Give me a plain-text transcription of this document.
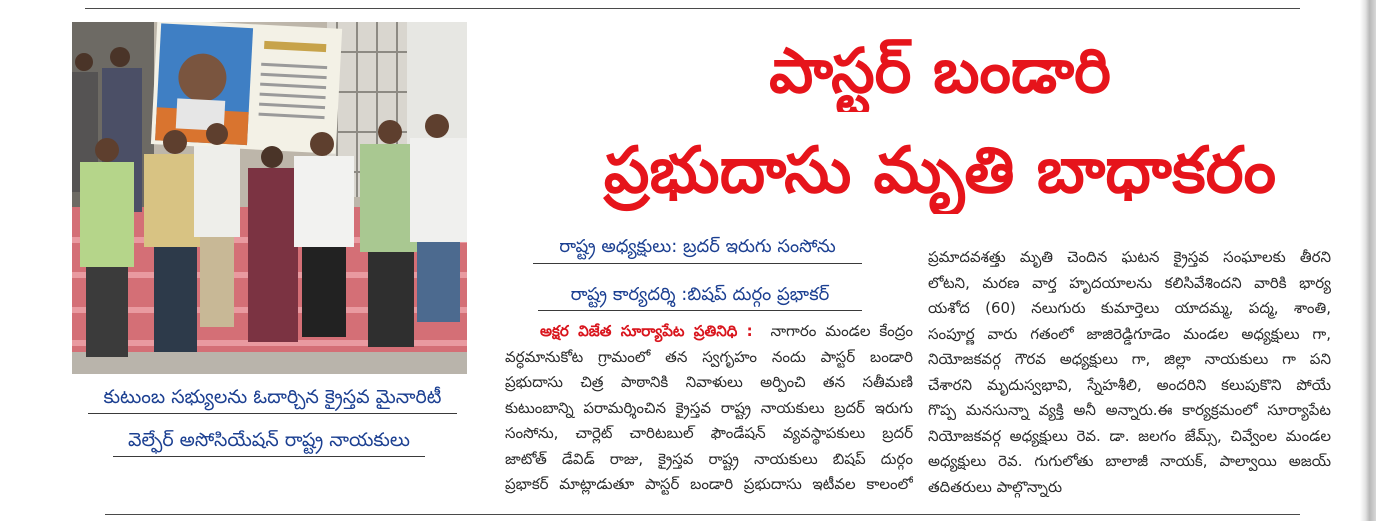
కుటుంబ సభ్యులను ఓదార్చిన క్రైస్తవ మైనారిటీ
వెల్ఫేర్ అసోసియేషన్ రాష్ట్ర నాయకులు
పాస్టర్ బండారి
ప్రభుదాసు మృతి బాధాకరం
రాష్ట్ర అధ్యక్షులు: బ్రదర్ ఇరుగు సంసోను
రాష్ట్ర కార్యదర్శి :బిషప్ దుర్గం ప్రభాకర్
అక్షర విజేత సూర్యాపేట ప్రతినిధి : నాగారం మండల కేంద్రం
వర్ధమానుకోట గ్రామంలో తన స్వగృహం నందు పాస్టర్ బండారి
ప్రభుదాసు చిత్ర పాఠానికి నివాళులు అర్పించి తన సతీమణి
కుటుంబాన్ని పరామర్శించిన క్రైస్తవ రాష్ట్ర నాయకులు బ్రదర్ ఇరుగు
సంసోను, చార్లెట్ చారిటబుల్ ఫౌండేషన్ వ్యవస్థాపకులు బ్రదర్
జాటోత్ డేవిడ్ రాజు, క్రైస్తవ రాష్ట్ర నాయకులు బిషప్ దుర్గం
ప్రభాకర్ మాట్లాడుతూ పాస్టర్ బండారి ప్రభుదాసు ఇటీవల కాలంలో
ప్రమాదవశత్తు మృతి చెందిన ఘటన క్రైస్తవ సంఘాలకు తీరని
లోటని, మరణ వార్త హృదయాలను కలిసివేశిందని వారికి భార్య
యశోద (60) నలుగురు కుమార్తెలు యాదమ్మ, పద్మ, శాంతి,
సంపూర్ణ వారు గతంలో జాజిరెడ్డిగూడెం మండల అధ్యక్షులు గా,
నియోజకవర్గ గౌరవ అధ్యక్షులు గా, జిల్లా నాయకులు గా పని
చేశారని మృదుస్వభావి, స్నేహశీలి, అందరిని కలుపుకొని పోయే
గొప్ప మనసున్నా వ్యక్తి అనీ అన్నారు.ఈ కార్యక్రమంలో సూర్యాపేట
నియోజకవర్గ అధ్యక్షులు రెవ. డా. జలగం జేమ్స్, చివ్వేంల మండల
అధ్యక్షులు రెవ. గుగులోతు బాలాజీ నాయక్, పాల్వాయి అజయ్
తదితరులు పాల్గొన్నారు
